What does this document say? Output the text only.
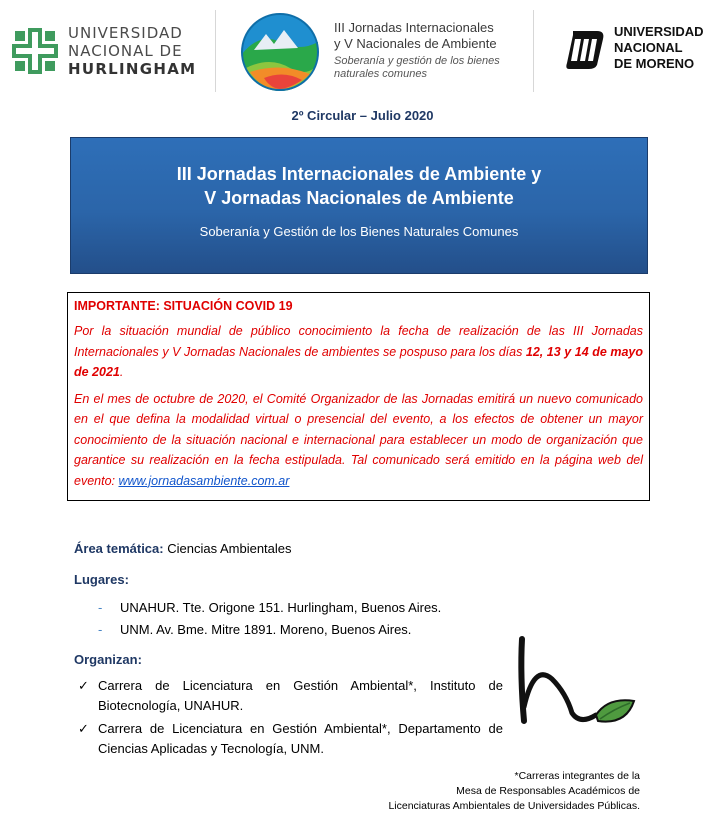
UNIVERSIDAD
NACIONAL DE
HURLINGHAM
III Jornadas Internacionales
y V Nacionales de Ambiente
Soberanía y gestión de los bienes
naturales comunes
UNIVERSIDAD
NACIONAL
DE MORENO
2º Circular – Julio 2020
III Jornadas Internacionales de Ambiente y
V Jornadas Nacionales de Ambiente
Soberanía y Gestión de los Bienes Naturales Comunes
IMPORTANTE: SITUACIÓN COVID 19

Por la situación mundial de público conocimiento la fecha de realización de las III Jornadas Internacionales y V Jornadas Nacionales de ambientes se pospuso para los días 12, 13 y 14 de mayo de 2021.

En el mes de octubre de 2020, el Comité Organizador de las Jornadas emitirá un nuevo comunicado en el que defina la modalidad virtual o presencial del evento, a los efectos de obtener un mayor conocimiento de la situación nacional e internacional para establecer un modo de organización que garantice su realización en la fecha estipulada. Tal comunicado será emitido en la página web del evento: www.jornadasambiente.com.ar

Área temática: Ciencias Ambientales
Lugares:
- UNAHUR. Tte. Origone 151. Hurlingham, Buenos Aires.
- UNM. Av. Bme. Mitre 1891. Moreno, Buenos Aires.
Organizan:
✓ Carrera de Licenciatura en Gestión Ambiental*, Instituto de Biotecnología, UNAHUR.
✓ Carrera de Licenciatura en Gestión Ambiental*, Departamento de Ciencias Aplicadas y Tecnología, UNM.
*Carreras integrantes de la
Mesa de Responsables Académicos de
Licenciaturas Ambientales de Universidades Públicas.
